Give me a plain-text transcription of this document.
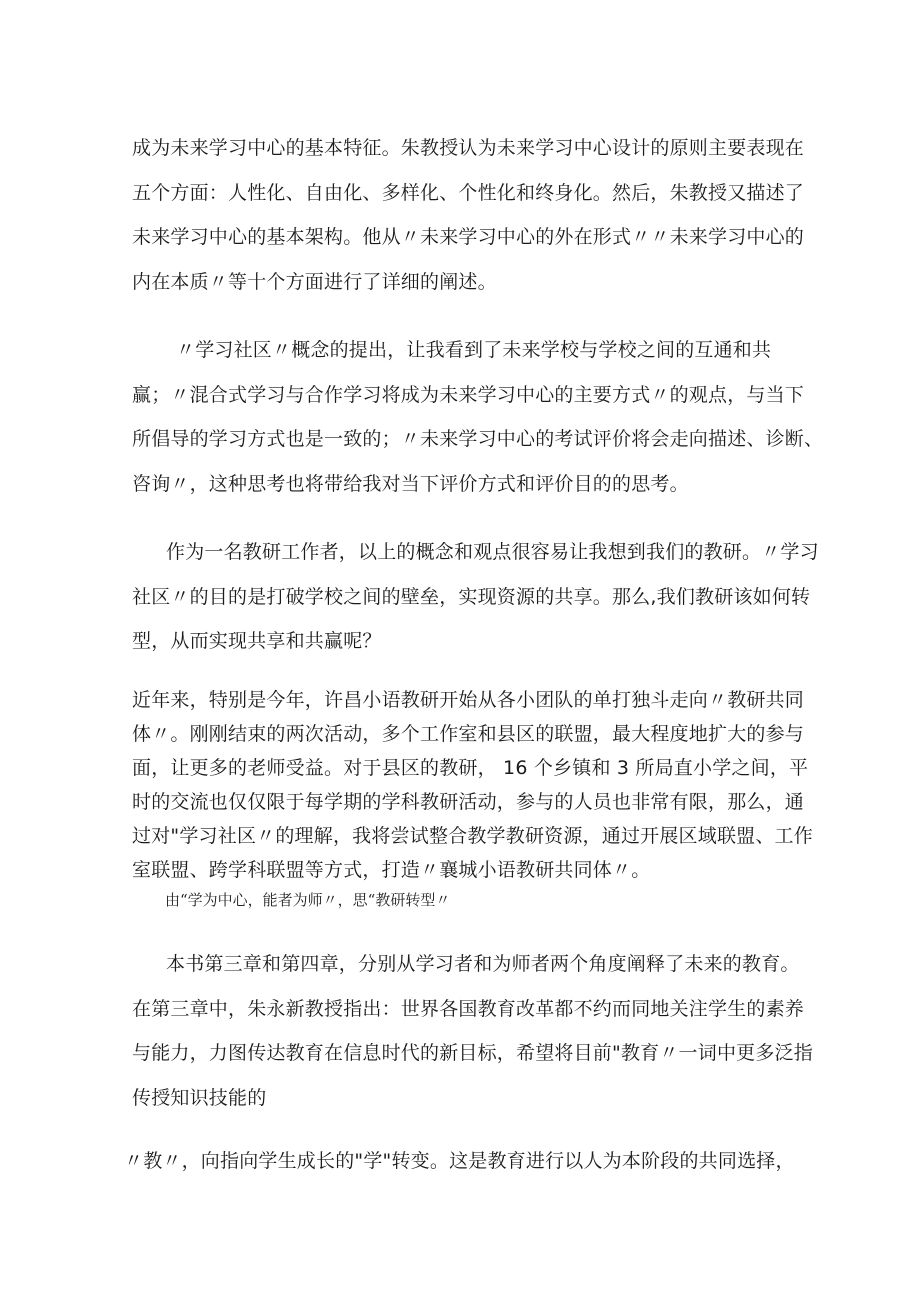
成为未来学习中心的基本特征。朱教授认为未来学习中心设计的原则主要表现在
五个方面：人性化、自由化、多样化、个性化和终身化。然后，朱教授又描述了
未来学习中心的基本架构。他从〃未来学习中心的外在形式〃〃未来学习中心的
内在本质〃等十个方面进行了详细的阐述。
〃学习社区〃概念的提出，让我看到了未来学校与学校之间的互通和共
赢；〃混合式学习与合作学习将成为未来学习中心的主要方式〃的观点，与当下
所倡导的学习方式也是一致的；〃未来学习中心的考试评价将会走向描述、诊断、
咨询〃，这种思考也将带给我对当下评价方式和评价目的的思考。
作为一名教研工作者，以上的概念和观点很容易让我想到我们的教研。〃学习
社区〃的目的是打破学校之间的壁垒，实现资源的共享。那么,我们教研该如何转
型，从而实现共享和共赢呢？
近年来，特别是今年，许昌小语教研开始从各小团队的单打独斗走向〃教研共同
体〃。刚刚结束的两次活动，多个工作室和县区的联盟，最大程度地扩大的参与
面，让更多的老师受益。对于县区的教研， 16 个乡镇和 3 所局直小学之间，平
时的交流也仅仅限于每学期的学科教研活动，参与的人员也非常有限，那么，通
过对"学习社区〃的理解，我将尝试整合教学教研资源，通过开展区域联盟、工作
室联盟、跨学科联盟等方式，打造〃襄城小语教研共同体〃。

由“学为中心，能者为师〃，思“教研转型〃

本书第三章和第四章，分别从学习者和为师者两个角度阐释了未来的教育。
在第三章中，朱永新教授指出：世界各国教育改革都不约而同地关注学生的素养
与能力，力图传达教育在信息时代的新目标，希望将目前"教育〃一词中更多泛指
传授知识技能的
〃教〃，向指向学生成长的"学"转变。这是教育进行以人为本阶段的共同选择，
